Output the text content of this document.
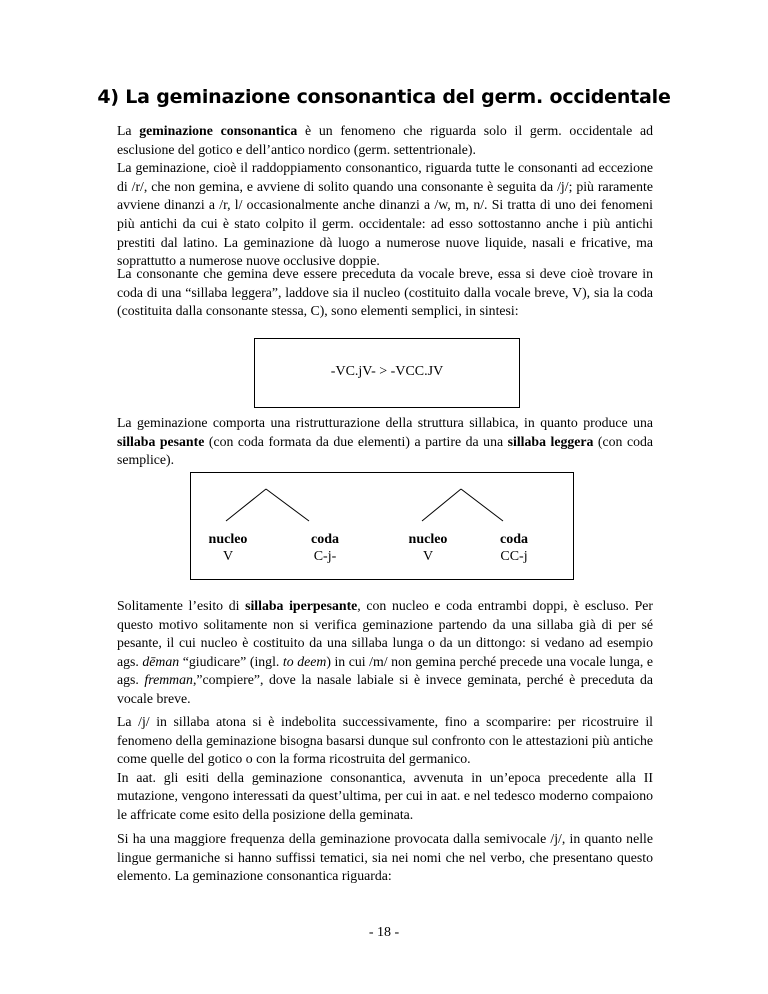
4) La geminazione consonantica del germ. occidentale

La geminazione consonantica è un fenomeno che riguarda solo il germ. occidentale ad esclusione del gotico e dell’antico nordico (germ. settentrionale).
La geminazione, cioè il raddoppiamento consonantico, riguarda tutte le consonanti ad eccezione di /r/, che non gemina, e avviene di solito quando una consonante è seguita da /j/; più raramente avviene dinanzi a /r, l/ occasionalmente anche dinanzi a /w, m, n/. Si tratta di uno dei fenomeni più antichi da cui è stato colpito il germ. occidentale: ad esso sottostanno anche i più antichi prestiti dal latino. La geminazione dà luogo a numerose nuove liquide, nasali e fricative, ma soprattutto a numerose nuove occlusive doppie.

La consonante che gemina deve essere preceduta da vocale breve, essa si deve cioè trovare in coda di una “sillaba leggera”, laddove sia il nucleo (costituito dalla vocale breve, V), sia la coda (costituita dalla consonante stessa, C), sono elementi semplici, in sintesi:

-VC.jV- > -VCC.JV

La geminazione comporta una ristrutturazione della struttura sillabica, in quanto produce una sillaba pesante (con coda formata da due elementi) a partire da una sillaba leggera (con coda semplice).

nucleo
V
coda
C-j-
nucleo
V
coda
CC-j

Solitamente l’esito di sillaba iperpesante, con nucleo e coda entrambi doppi, è escluso. Per questo motivo solitamente non si verifica geminazione partendo da una sillaba già di per sé pesante, il cui nucleo è costituito da una sillaba lunga o da un dittongo: si vedano ad esempio ags. dēman “giudicare” (ingl. to deem) in cui /m/ non gemina perché precede una vocale lunga, e ags. fremman,”compiere”, dove la nasale labiale si è invece geminata, perché è preceduta da vocale breve.

La /j/ in sillaba atona si è indebolita successivamente, fino a scomparire: per ricostruire il fenomeno della geminazione bisogna basarsi dunque sul confronto con le attestazioni più antiche come quelle del gotico o con la forma ricostruita del germanico.
In aat. gli esiti della geminazione consonantica, avvenuta in un’epoca precedente alla II mutazione, vengono interessati da quest’ultima, per cui in aat. e nel tedesco moderno compaiono le affricate come esito della posizione della geminata.

Si ha una maggiore frequenza della geminazione provocata dalla semivocale /j/, in quanto nelle lingue germaniche si hanno suffissi tematici, sia nei nomi che nel verbo, che presentano questo elemento. La geminazione consonantica riguarda:

- 18 -
